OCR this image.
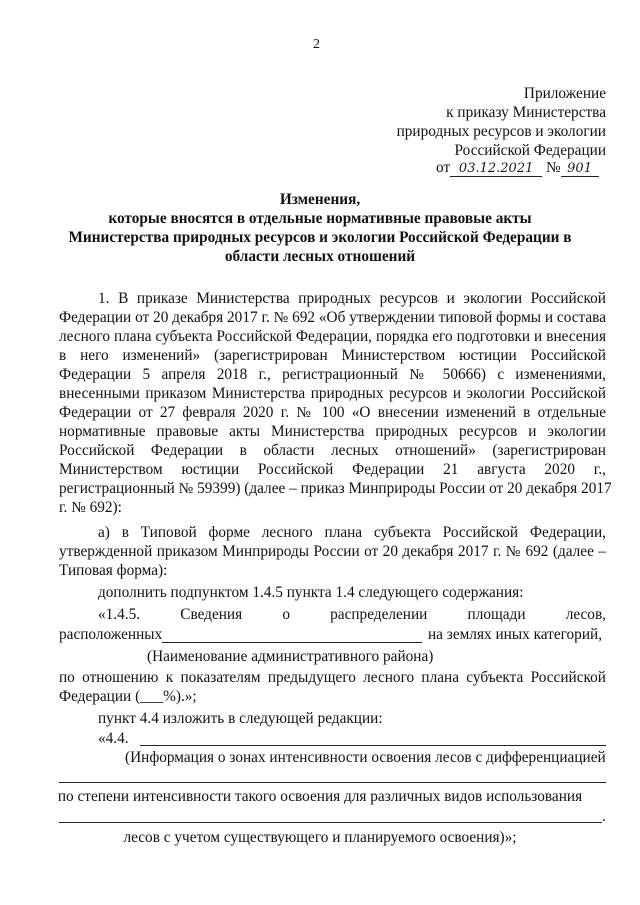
2
Приложение
к приказу Министерства
природных ресурсов и экологии
Российской Федерации
от 03.12.2021 № 901
Изменения,
которые вносятся в отдельные нормативные правовые акты
Министерства природных ресурсов и экологии Российской Федерации в
области лесных отношений
1. В приказе Министерства природных ресурсов и экологии Российской
Федерации от 20 декабря 2017 г. № 692 «Об утверждении типовой формы и состава
лесного плана субъекта Российской Федерации, порядка его подготовки и внесения
в него изменений» (зарегистрирован Министерством юстиции Российской
Федерации 5 апреля 2018 г., регистрационный № 50666) с изменениями,
внесенными приказом Министерства природных ресурсов и экологии Российской
Федерации от 27 февраля 2020 г. № 100 «О внесении изменений в отдельные
нормативные правовые акты Министерства природных ресурсов и экологии
Российской Федерации в области лесных отношений» (зарегистрирован
Министерством юстиции Российской Федерации 21 августа 2020 г.,
регистрационный № 59399) (далее – приказ Минприроды России от 20 декабря 2017
г. № 692):
а) в Типовой форме лесного плана субъекта Российской Федерации,
утвержденной приказом Минприроды России от 20 декабря 2017 г. № 692 (далее –
Типовая форма):
дополнить подпунктом 1.4.5 пункта 1.4 следующего содержания:
«1.4.5. Сведения о распределении площади лесов,
расположенных	на землях иных категорий,
(Наименование административного района)
по отношению к показателям предыдущего лесного плана субъекта Российской
Федерации (___%).»;
пункт 4.4 изложить в следующей редакции:
«4.4.
(Информация о зонах интенсивности освоения лесов с дифференциацией
по степени интенсивности такого освоения для различных видов использования
.
лесов с учетом существующего и планируемого освоения)»;
